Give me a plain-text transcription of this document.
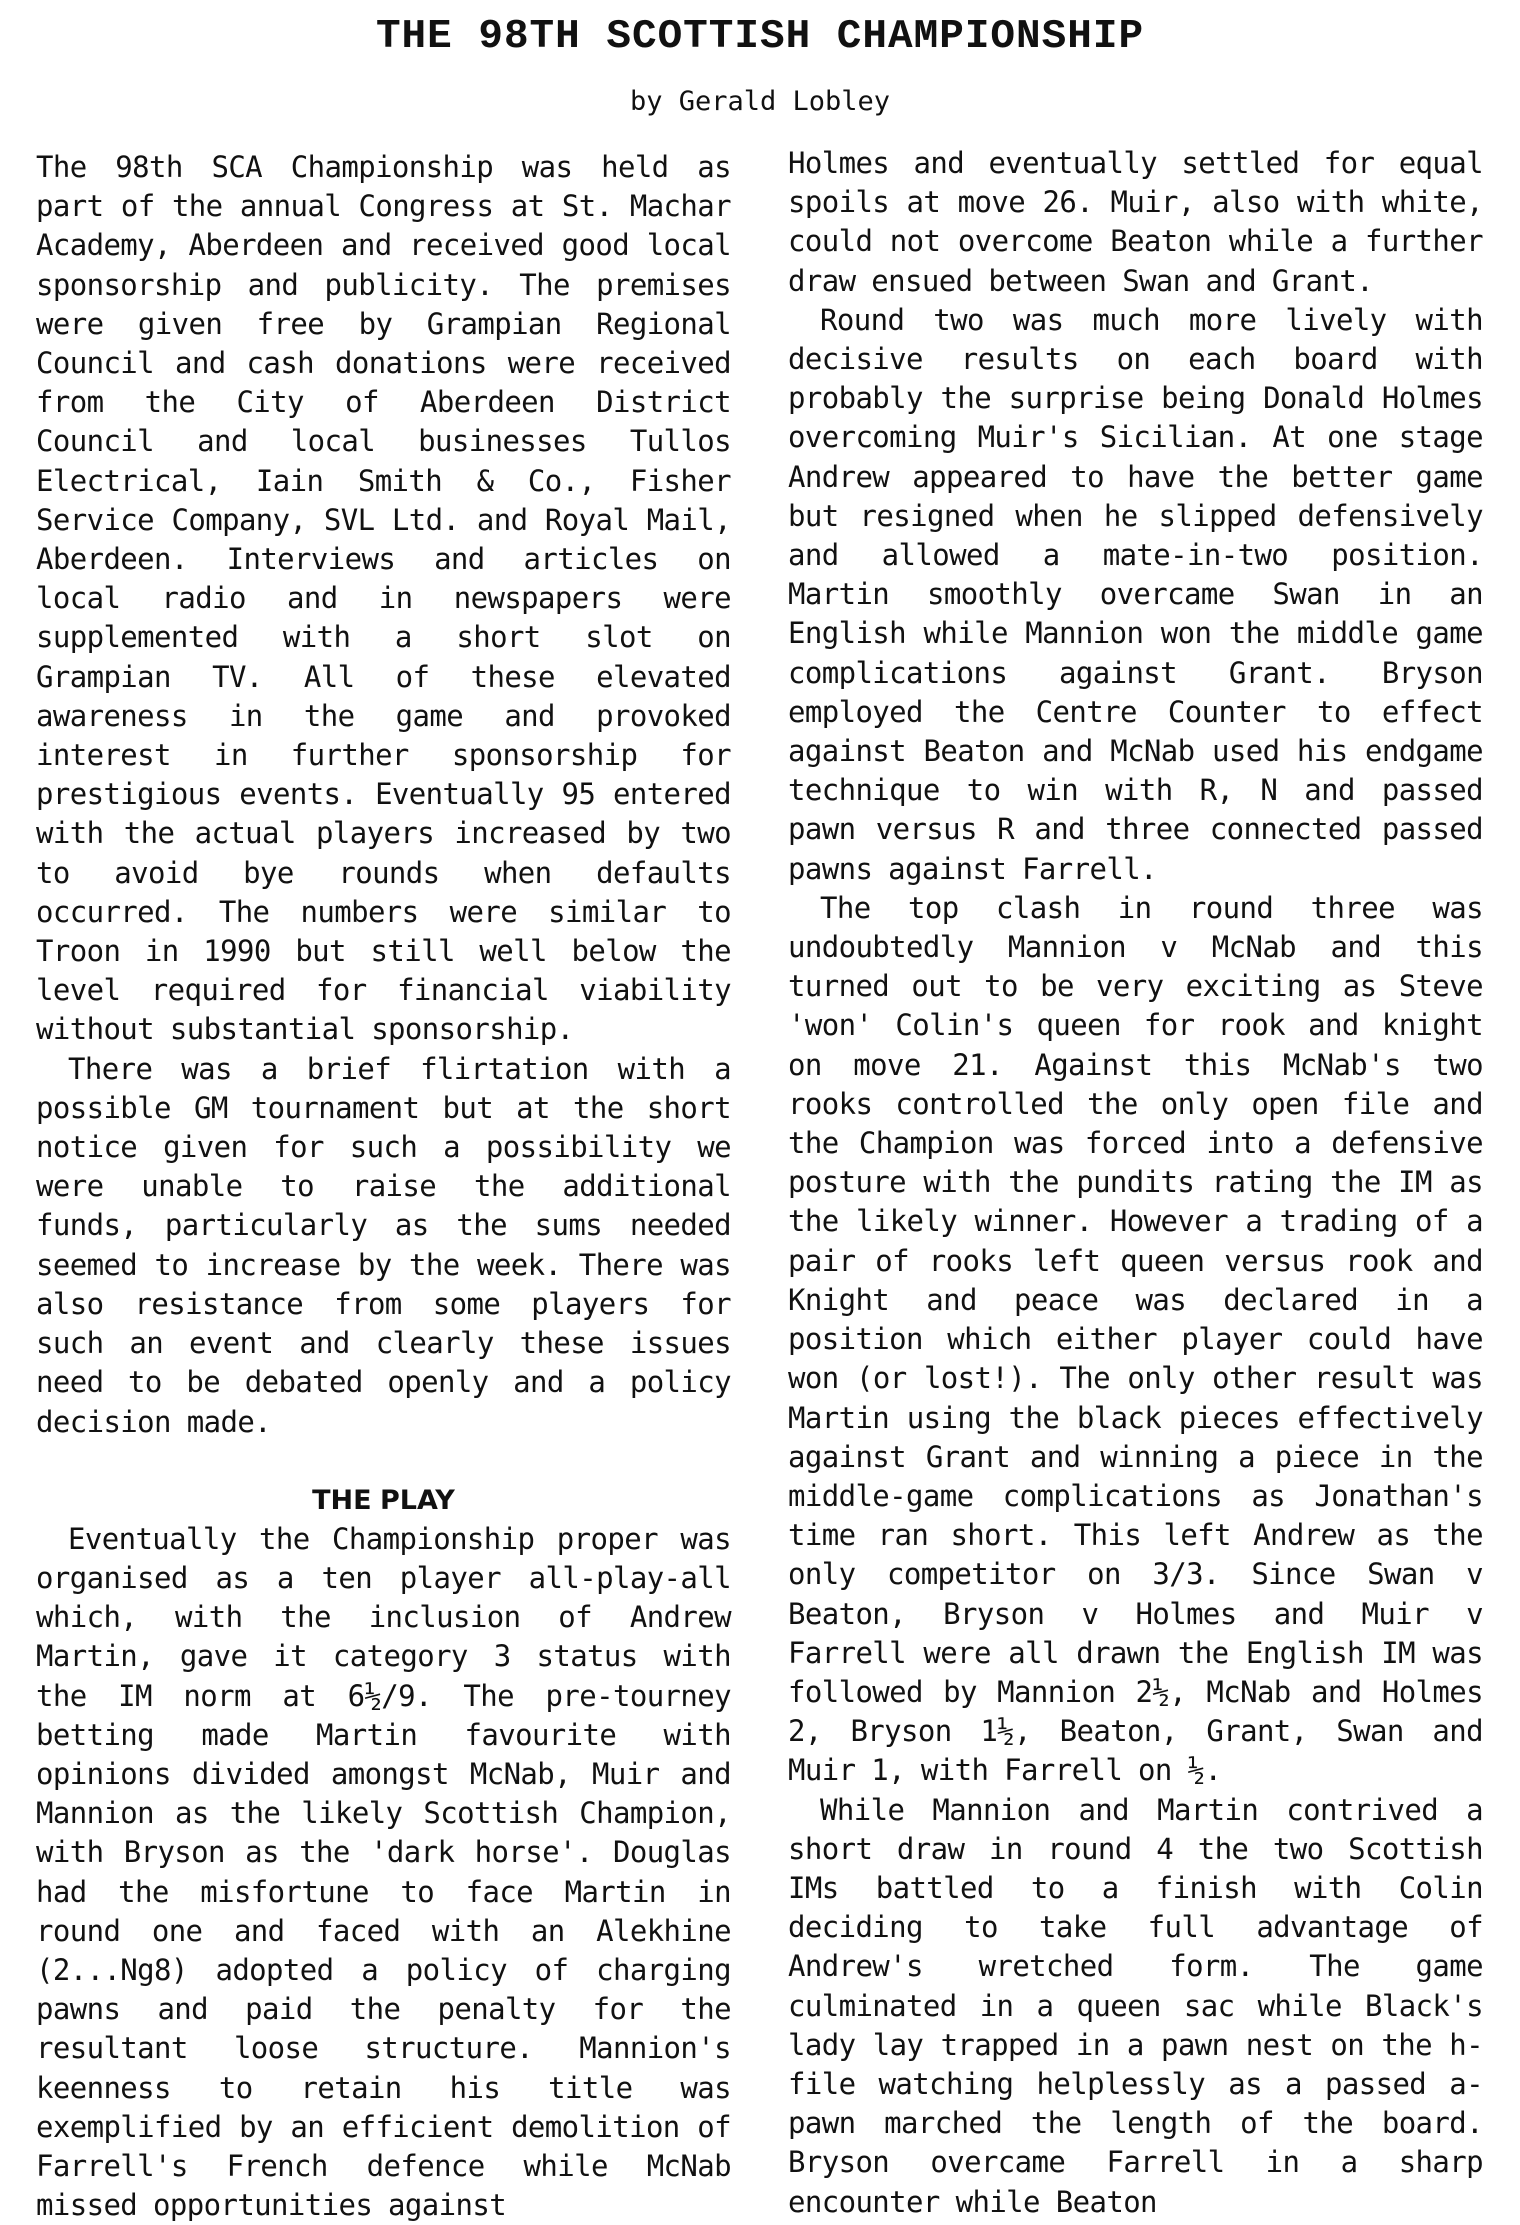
THE 98TH SCOTTISH CHAMPIONSHIP
by Gerald Lobley

The 98th SCA Championship was held as part of the annual Congress at St. Machar Academy, Aberdeen and received good local sponsorship and publicity. The premises were given free by Grampian Regional Council and cash donations were received from the City of Aberdeen District Council and local businesses Tullos Electrical, Iain Smith & Co., Fisher Service Company, SVL Ltd. and Royal Mail, Aberdeen. Interviews and articles on local radio and in newspapers were supplemented with a short slot on Grampian TV. All of these elevated awareness in the game and provoked interest in further sponsorship for prestigious events. Eventually 95 entered with the actual players increased by two to avoid bye rounds when defaults occurred. The numbers were similar to Troon in 1990 but still well below the level required for financial viability without substantial sponsorship.

There was a brief flirtation with a possible GM tournament but at the short notice given for such a possibility we were unable to raise the additional funds, particularly as the sums needed seemed to increase by the week. There was also resistance from some players for such an event and clearly these issues need to be debated openly and a policy decision made.

THE PLAY

Eventually the Championship proper was organised as a ten player all-play-all which, with the inclusion of Andrew Martin, gave it category 3 status with the IM norm at 6½/9. The pre-tourney betting made Martin favourite with opinions divided amongst McNab, Muir and Mannion as the likely Scottish Champion, with Bryson as the 'dark horse'. Douglas had the misfortune to face Martin in round one and faced with an Alekhine (2...Ng8) adopted a policy of charging pawns and paid the penalty for the resultant loose structure. Mannion's keenness to retain his title was exemplified by an efficient demolition of Farrell's French defence while McNab missed opportunities against

Holmes and eventually settled for equal spoils at move 26. Muir, also with white, could not overcome Beaton while a further draw ensued between Swan and Grant.

Round two was much more lively with decisive results on each board with probably the surprise being Donald Holmes overcoming Muir's Sicilian. At one stage Andrew appeared to have the better game but resigned when he slipped defensively and allowed a mate-in-two position. Martin smoothly overcame Swan in an English while Mannion won the middle game complications against Grant. Bryson employed the Centre Counter to effect against Beaton and McNab used his endgame technique to win with R, N and passed pawn versus R and three connected passed pawns against Farrell.

The top clash in round three was undoubtedly Mannion v McNab and this turned out to be very exciting as Steve 'won' Colin's queen for rook and knight on move 21. Against this McNab's two rooks controlled the only open file and the Champion was forced into a defensive posture with the pundits rating the IM as the likely winner. However a trading of a pair of rooks left queen versus rook and Knight and peace was declared in a position which either player could have won (or lost!). The only other result was Martin using the black pieces effectively against Grant and winning a piece in the middle-game complications as Jonathan's time ran short. This left Andrew as the only competitor on 3/3. Since Swan v Beaton, Bryson v Holmes and Muir v Farrell were all drawn the English IM was followed by Mannion 2½, McNab and Holmes 2, Bryson 1½, Beaton, Grant, Swan and Muir 1, with Farrell on ½.

While Mannion and Martin contrived a short draw in round 4 the two Scottish IMs battled to a finish with Colin deciding to take full advantage of Andrew's wretched form. The game culminated in a queen sac while Black's lady lay trapped in a pawn nest on the h-file watching helplessly as a passed a-pawn marched the length of the board. Bryson overcame Farrell in a sharp encounter while Beaton
